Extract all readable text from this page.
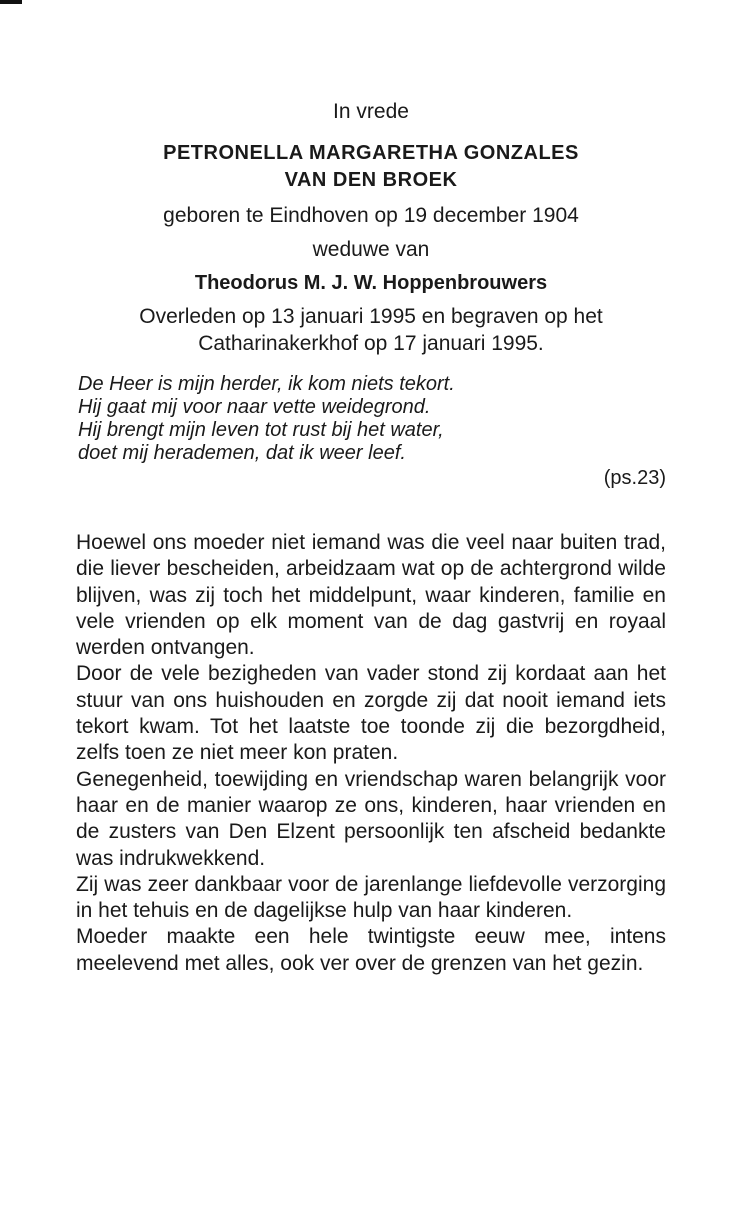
In vrede
PETRONELLA MARGARETHA GONZALES
VAN DEN BROEK
geboren te Eindhoven op 19 december 1904
weduwe van
Theodorus M. J. W. Hoppenbrouwers
Overleden op 13 januari 1995 en begraven op het
Catharinakerkhof op 17 januari 1995.

De Heer is mijn herder, ik kom niets tekort.

Hij gaat mij voor naar vette weidegrond.

Hij brengt mijn leven tot rust bij het water,

doet mij herademen, dat ik weer leef.

(ps.23)

Hoewel ons moeder niet iemand was die veel naar buiten trad, die liever bescheiden, arbeidzaam wat op de achtergrond wilde blijven, was zij toch het middelpunt, waar kinderen, familie en vele vrienden op elk moment van de dag gastvrij en royaal werden ontvangen.

Door de vele bezigheden van vader stond zij kordaat aan het stuur van ons huishouden en zorgde zij dat nooit iemand iets tekort kwam. Tot het laatste toe toonde zij die bezorgdheid, zelfs toen ze niet meer kon praten.

Genegenheid, toewijding en vriendschap waren belangrijk voor haar en de manier waarop ze ons, kinderen, haar vrienden en de zusters van Den Elzent persoonlijk ten afscheid bedankte was indrukwekkend.

Zij was zeer dankbaar voor de jarenlange liefdevolle verzorging in het tehuis en de dagelijkse hulp van haar kinderen.

Moeder maakte een hele twintigste eeuw mee, intens meelevend met alles, ook ver over de grenzen van het gezin.
